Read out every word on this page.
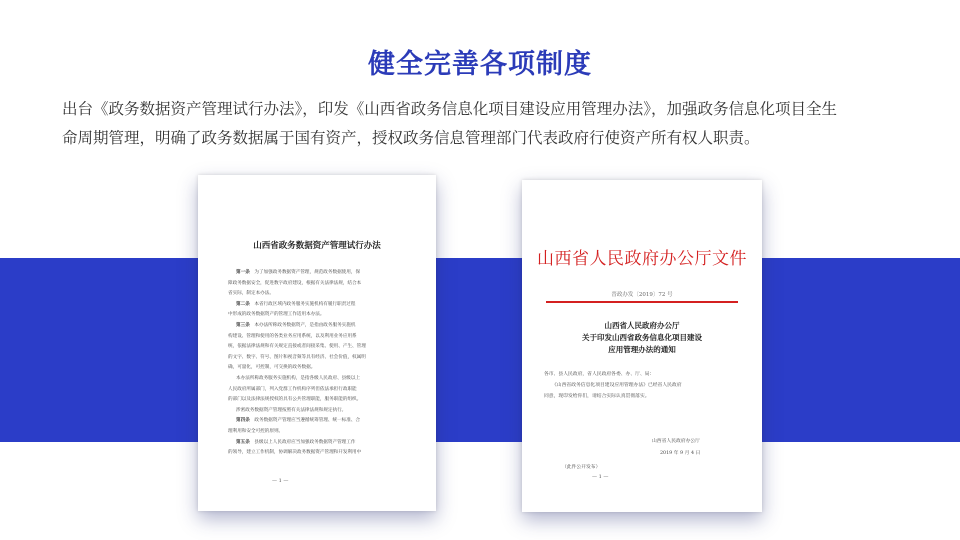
健全完善各项制度
出台《政务数据资产管理试行办法》，印发《山西省政务信息化项目建设应用管理办法》，加强政务信息化项目全生
命周期管理，明确了政务数据属于国有资产，授权政务信息管理部门代表政府行使资产所有权人职责。
山西省政务数据资产管理试行办法
第一条　为了加强政务数据资产管理，规范政务数据使用，保
障政务数据安全，促进数字政府建设，根据有关法律法规，结合本
省实际，制定本办法。
第二条　本省行政区域内政务服务实施机构有履行职责过程
中形成的政务数据资产的管理工作适用本办法。
第三条　本办法所称政务数据资产，是指由政务服务实施机
构建设、管理和使用的各类业务应用系统，以及利用业务应用系
统，依据法律法规和有关规定直接或者间接采集、使用、产生、管理
的文字、数字、符号、图片和视音频等具有经济、社会价值，权属明
确，可量化，可控制，可交换的政务数据。
本办法所称政务服务实施机构，是指各级人民政府、县级以上
人民政府所属部门，列入党群工作机构序列但依法承担行政职能
的部门以及法律法规授权的具有公共管理职能，服务职能的组织。
涉密政务数据资产管理按照有关法律法规和规定执行。
第四条　政务数据资产管理应当遵循统筹管理、统一标准、合
理利用和安全可控的原则。
第五条　县级以上人民政府应当加强政务数据资产管理工作
的领导，建立工作机制，协调解决政务数据资产管理和开发利用中
— 1 —
山西省人民政府办公厅文件
晋政办发〔2019〕72 号
山西省人民政府办公厅
关于印发山西省政务信息化项目建设
应用管理办法的通知
各市、县人民政府，省人民政府各委、办、厅、局：
《山西省政务信息化项目建设应用管理办法》已经省人民政府
同意，现印发给你们，请结合实际认真贯彻落实。
山西省人民政府办公厅
2019 年 9 月 4 日
（此件公开发布）
— 1 —
